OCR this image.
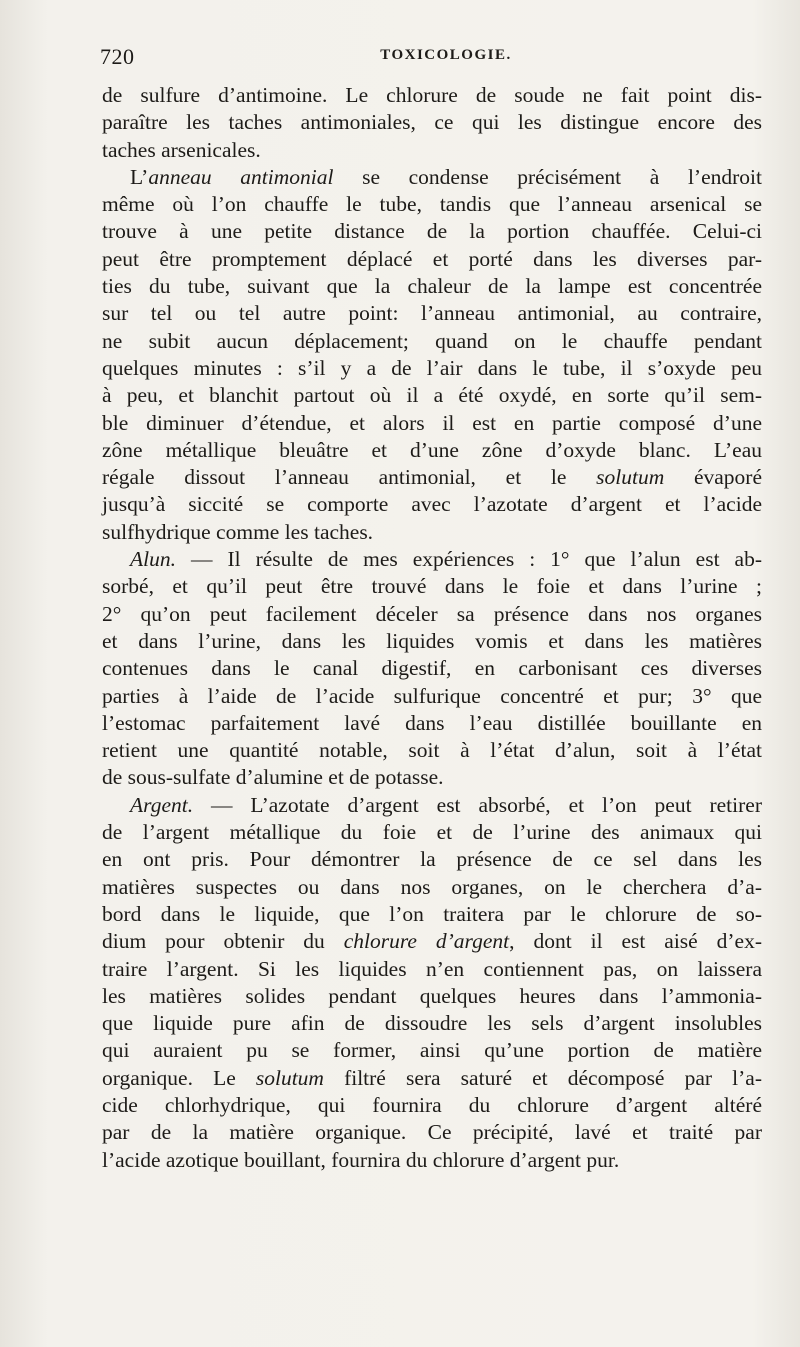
720	TOXICOLOGIE.
de sulfure d’antimoine. Le chlorure de soude ne fait point dis-
paraître les taches antimoniales, ce qui les distingue encore des
taches arsenicales.
L’anneau antimonial se condense précisément à l’endroit
même où l’on chauffe le tube, tandis que l’anneau arsenical se
trouve à une petite distance de la portion chauffée. Celui-ci
peut être promptement déplacé et porté dans les diverses par-
ties du tube, suivant que la chaleur de la lampe est concentrée
sur tel ou tel autre point: l’anneau antimonial, au contraire,
ne subit aucun déplacement; quand on le chauffe pendant
quelques minutes : s’il y a de l’air dans le tube, il s’oxyde peu
à peu, et blanchit partout où il a été oxydé, en sorte qu’il sem-
ble diminuer d’étendue, et alors il est en partie composé d’une
zône métallique bleuâtre et d’une zône d’oxyde blanc. L’eau
régale dissout l’anneau antimonial, et le solutum évaporé
jusqu’à siccité se comporte avec l’azotate d’argent et l’acide
sulfhydrique comme les taches.
Alun. — Il résulte de mes expériences : 1° que l’alun est ab-
sorbé, et qu’il peut être trouvé dans le foie et dans l’urine ;
2° qu’on peut facilement déceler sa présence dans nos organes
et dans l’urine, dans les liquides vomis et dans les matières
contenues dans le canal digestif, en carbonisant ces diverses
parties à l’aide de l’acide sulfurique concentré et pur; 3° que
l’estomac parfaitement lavé dans l’eau distillée bouillante en
retient une quantité notable, soit à l’état d’alun, soit à l’état
de sous-sulfate d’alumine et de potasse.
Argent. — L’azotate d’argent est absorbé, et l’on peut retirer
de l’argent métallique du foie et de l’urine des animaux qui
en ont pris. Pour démontrer la présence de ce sel dans les
matières suspectes ou dans nos organes, on le cherchera d’a-
bord dans le liquide, que l’on traitera par le chlorure de so-
dium pour obtenir du chlorure d’argent, dont il est aisé d’ex-
traire l’argent. Si les liquides n’en contiennent pas, on laissera
les matières solides pendant quelques heures dans l’ammonia-
que liquide pure afin de dissoudre les sels d’argent insolubles
qui auraient pu se former, ainsi qu’une portion de matière
organique. Le solutum filtré sera saturé et décomposé par l’a-
cide chlorhydrique, qui fournira du chlorure d’argent altéré
par de la matière organique. Ce précipité, lavé et traité par
l’acide azotique bouillant, fournira du chlorure d’argent pur.
